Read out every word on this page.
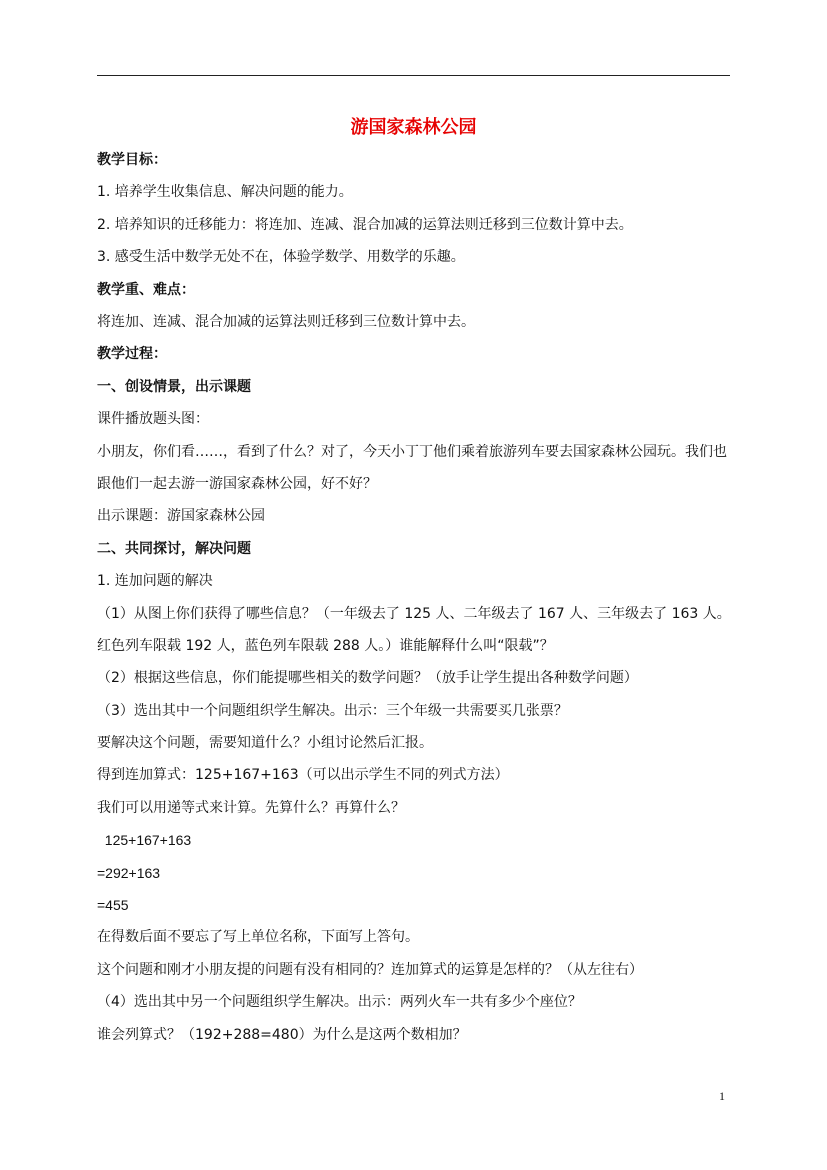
游国家森林公园
教学目标：
1. 培养学生收集信息、解决问题的能力。
2. 培养知识的迁移能力：将连加、连减、混合加减的运算法则迁移到三位数计算中去。
3. 感受生活中数学无处不在，体验学数学、用数学的乐趣。
教学重、难点：
将连加、连减、混合加减的运算法则迁移到三位数计算中去。
教学过程：
一、创设情景，出示课题
课件播放题头图：
小朋友，你们看……，看到了什么？对了，今天小丁丁他们乘着旅游列车要去国家森林公园玩。我们也跟他们一起去游一游国家森林公园，好不好？
出示课题：游国家森林公园
二、共同探讨，解决问题
1. 连加问题的解决
（1）从图上你们获得了哪些信息？（一年级去了 125 人、二年级去了 167 人、三年级去了 163 人。红色列车限载 192 人，蓝色列车限载 288 人。）谁能解释什么叫“限载”？
（2）根据这些信息，你们能提哪些相关的数学问题？（放手让学生提出各种数学问题）
（3）选出其中一个问题组织学生解决。出示：三个年级一共需要买几张票？
要解决这个问题，需要知道什么？小组讨论然后汇报。
得到连加算式：125+167+163（可以出示学生不同的列式方法）
我们可以用递等式来计算。先算什么？再算什么？
125+167+163
=292+163
=455
在得数后面不要忘了写上单位名称，下面写上答句。
这个问题和刚才小朋友提的问题有没有相同的？连加算式的运算是怎样的？（从左往右）
（4）选出其中另一个问题组织学生解决。出示：两列火车一共有多少个座位？
谁会列算式？（192+288=480）为什么是这两个数相加？
1
